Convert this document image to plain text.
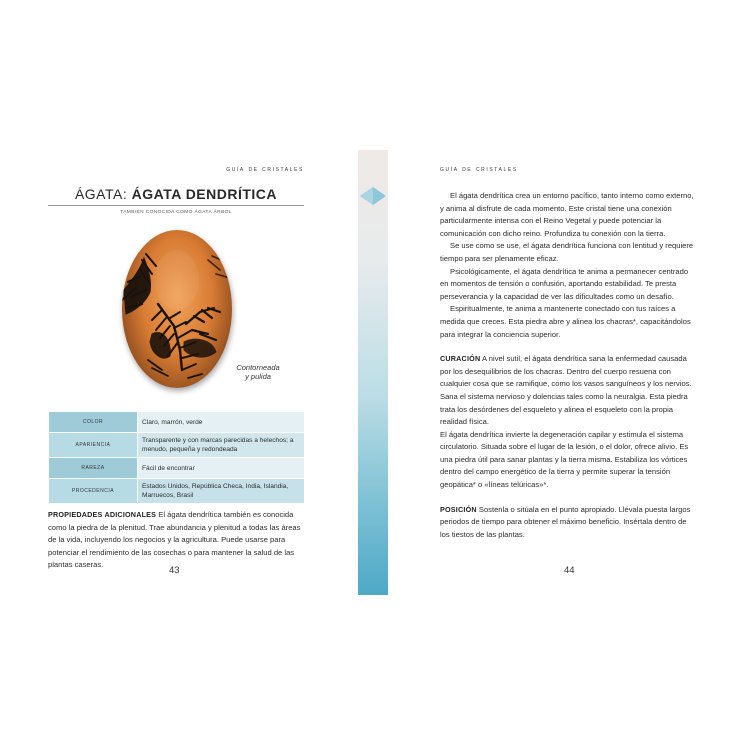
guía de cristales
ÁGATA: ÁGATA DENDRÍTICA
TAMBIÉN CONOCIDA COMO ÁGATA ÁRBOL
Contorneada
y pulida
COLOR	Claro, marrón, verde
APARIENCIA	Transparente y con marcas parecidas a helechos; a menudo, pequeña y redondeada
RAREZA	Fácil de encontrar
PROCEDENCIA	Estados Unidos, República Checa, India, Islandia, Marruecos, Brasil
PROPIEDADES ADICIONALES El ágata dendrítica también es conocida como la piedra de la plenitud. Trae abundancia y plenitud a todas las áreas de la vida, incluyendo los negocios y la agricultura. Puede usarse para potenciar el rendimiento de las cosechas o para mantener la salud de las plantas caseras.
43
guía de cristales

El ágata dendrítica crea un entorno pacífico, tanto interno como externo, y anima al disfrute de cada momento. Este cristal tiene una conexión particularmente intensa con el Reino Vegetal y puede potenciar la comunicación con dicho reino. Profundiza tu conexión con la tierra.

Se use como se use, el ágata dendrítica funciona con lentitud y requiere tiempo para ser plenamente eficaz.

Psicológicamente, el ágata dendrítica te anima a permanecer centrado en momentos de tensión o confusión, aportando estabilidad. Te presta perseverancia y la capacidad de ver las dificultades como un desafío.

Espiritualmente, te anima a mantenerte conectado con tus raíces a medida que creces. Esta piedra abre y alinea los chacras*, capacitándolos para integrar la conciencia superior.

CURACIÓN A nivel sutil, el ágata dendrítica sana la enfermedad causada por los desequilibrios de los chacras. Dentro del cuerpo resuena con cualquier cosa que se ramifique, como los vasos sanguíneos y los nervios. Sana el sistema nervioso y dolencias tales como la neuralgia. Esta piedra trata los desórdenes del esqueleto y alinea el esqueleto con la propia realidad física.

El ágata dendrítica invierte la degeneración capilar y estimula el sistema circulatorio. Situada sobre el lugar de la lesión, o el dolor, ofrece alivio. Es una piedra útil para sanar plantas y la tierra misma. Estabiliza los vórtices dentro del campo energético de la tierra y permite superar la tensión geopática* o «líneas telúricas»*.

POSICIÓN Sostenla o sitúala en el punto apropiado. Llévala puesta largos periodos de tiempo para obtener el máximo beneficio. Insértala dentro de los tiestos de las plantas.

44
